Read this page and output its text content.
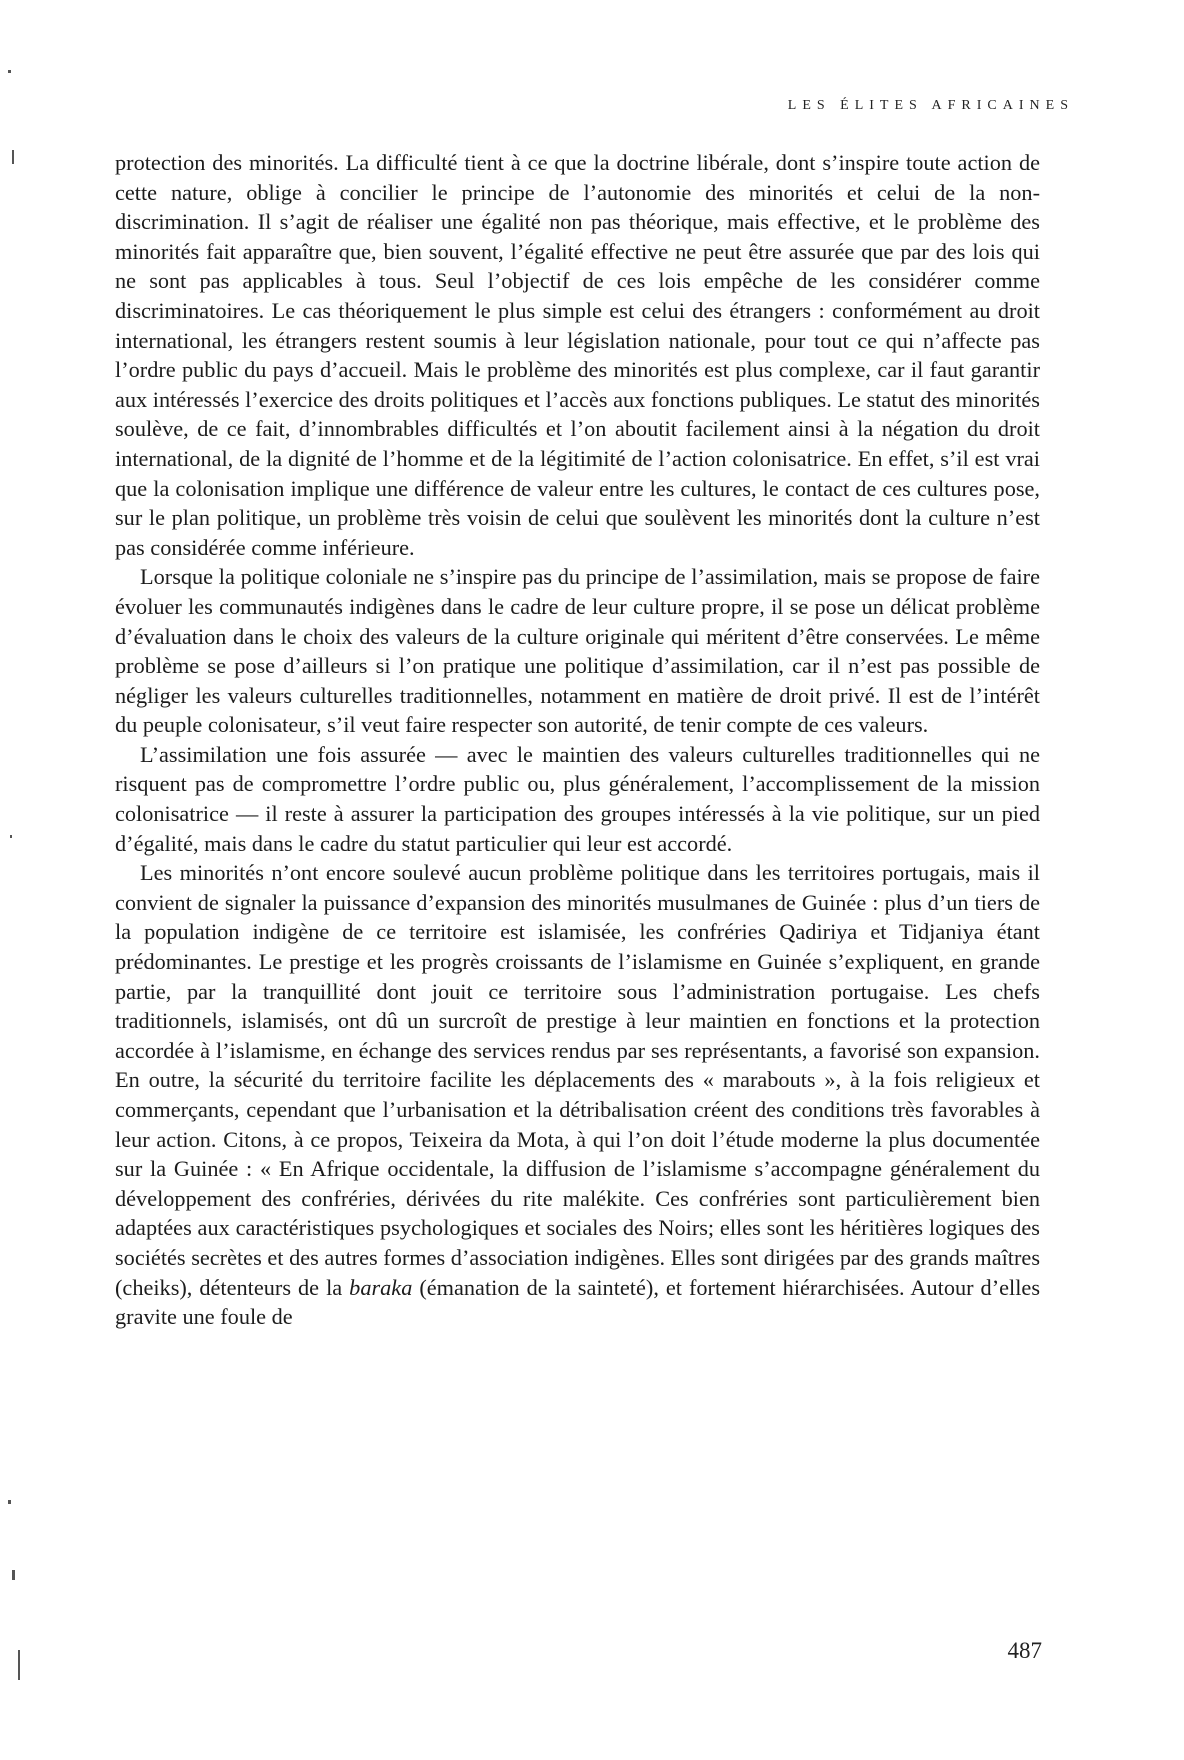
LES ÉLITES AFRICAINES

protection des minorités. La difficulté tient à ce que la doctrine libérale, dont s’inspire toute action de cette nature, oblige à concilier le principe de l’autonomie des minorités et celui de la non-discrimination. Il s’agit de réaliser une égalité non pas théorique, mais effective, et le problème des minorités fait apparaître que, bien souvent, l’égalité effective ne peut être assurée que par des lois qui ne sont pas applicables à tous. Seul l’objectif de ces lois empêche de les considérer comme discriminatoires. Le cas théoriquement le plus simple est celui des étrangers : conformément au droit international, les étrangers restent soumis à leur législation nationale, pour tout ce qui n’affecte pas l’ordre public du pays d’accueil. Mais le problème des minorités est plus complexe, car il faut garantir aux intéressés l’exercice des droits politiques et l’accès aux fonctions publiques. Le statut des minorités soulève, de ce fait, d’innombrables difficultés et l’on aboutit facilement ainsi à la négation du droit international, de la dignité de l’homme et de la légitimité de l’action colonisatrice. En effet, s’il est vrai que la colonisation implique une différence de valeur entre les cultures, le contact de ces cultures pose, sur le plan politique, un problème très voisin de celui que soulèvent les minorités dont la culture n’est pas considérée comme inférieure.

Lorsque la politique coloniale ne s’inspire pas du principe de l’assimilation, mais se propose de faire évoluer les communautés indigènes dans le cadre de leur culture propre, il se pose un délicat problème d’évaluation dans le choix des valeurs de la culture originale qui méritent d’être conservées. Le même problème se pose d’ailleurs si l’on pratique une politique d’assimilation, car il n’est pas possible de négliger les valeurs culturelles traditionnelles, notamment en matière de droit privé. Il est de l’intérêt du peuple colonisateur, s’il veut faire respecter son autorité, de tenir compte de ces valeurs.

L’assimilation une fois assurée — avec le maintien des valeurs culturelles traditionnelles qui ne risquent pas de compromettre l’ordre public ou, plus généralement, l’accomplissement de la mission colonisatrice — il reste à assurer la participation des groupes intéressés à la vie politique, sur un pied d’égalité, mais dans le cadre du statut particulier qui leur est accordé.

Les minorités n’ont encore soulevé aucun problème politique dans les territoires portugais, mais il convient de signaler la puissance d’expansion des minorités musulmanes de Guinée : plus d’un tiers de la population indigène de ce territoire est islamisée, les confréries Qadiriya et Tidjaniya étant prédominantes. Le prestige et les progrès croissants de l’islamisme en Guinée s’expliquent, en grande partie, par la tranquillité dont jouit ce territoire sous l’administration portugaise. Les chefs traditionnels, islamisés, ont dû un surcroît de prestige à leur maintien en fonctions et la protection accordée à l’islamisme, en échange des services rendus par ses représentants, a favorisé son expansion. En outre, la sécurité du territoire facilite les déplacements des « marabouts », à la fois religieux et commerçants, cependant que l’urbanisation et la détribalisation créent des conditions très favorables à leur action. Citons, à ce propos, Teixeira da Mota, à qui l’on doit l’étude moderne la plus documentée sur la Guinée : « En Afrique occidentale, la diffusion de l’islamisme s’accompagne généralement du développement des confréries, dérivées du rite malékite. Ces confréries sont particulièrement bien adaptées aux caractéristiques psychologiques et sociales des Noirs; elles sont les héritières logiques des sociétés secrètes et des autres formes d’association indigènes. Elles sont dirigées par des grands maîtres (cheiks), détenteurs de la baraka (émanation de la sainteté), et fortement hiérarchisées. Autour d’elles gravite une foule de

487
